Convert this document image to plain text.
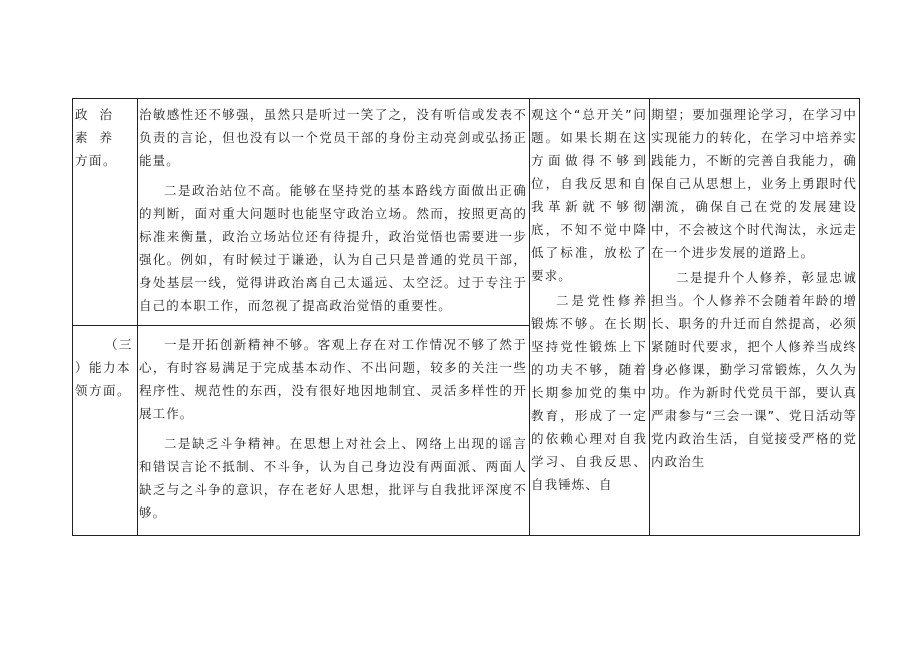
政 治 素 养
方面。

治敏感性还不够强，虽然只是听过一笑了之，没有听信或发表不负责的言论，但也没有以一个党员干部的身份主动亮剑或弘扬正能量。

二是政治站位不高。能够在坚持党的基本路线方面做出正确的判断，面对重大问题时也能坚守政治立场。然而，按照更高的标准来衡量，政治立场站位还有待提升，政治觉悟也需要进一步强化。例如，有时候过于谦逊，认为自己只是普通的党员干部，身处基层一线，觉得讲政治离自己太遥远、太空泛。过于专注于自己的本职工作，而忽视了提高政治觉悟的重要性。

（三
）能力本
领方面。

一是开拓创新精神不够。客观上存在对工作情况不够了然于心，有时容易满足于完成基本动作、不出问题，较多的关注一些程序性、规范性的东西，没有很好地因地制宜、灵活多样性的开展工作。

二是缺乏斗争精神。在思想上对社会上、网络上出现的谣言和错误言论不抵制、不斗争，认为自己身边没有两面派、两面人缺乏与之斗争的意识，存在老好人思想，批评与自我批评深度不够。

观这个“总开关”问题。如果长期在这方面做得不够到位，自我反思和自我革新就不够彻底，不知不觉中降低了标准，放松了要求。

二是党性修养锻炼不够。在长期坚持党性锻炼上下的功夫不够，随着长期参加党的集中教育，形成了一定的依赖心理对自我学习、自我反思、自我锤炼、自

期望；要加强理论学习，在学习中实现能力的转化，在学习中培养实践能力，不断的完善自我能力，确保自己从思想上，业务上勇跟时代潮流，确保自己在党的发展建设中，不会被这个时代淘汰，永远走在一个进步发展的道路上。

二是提升个人修养，彰显忠诚担当。个人修养不会随着年龄的增长、职务的升迁而自然提高，必须紧随时代要求，把个人修养当成终身必修课，勤学习常锻炼，久久为功。作为新时代党员干部，要认真严肃参与“三会一课”、党日活动等党内政治生活，自觉接受严格的党内政治生
